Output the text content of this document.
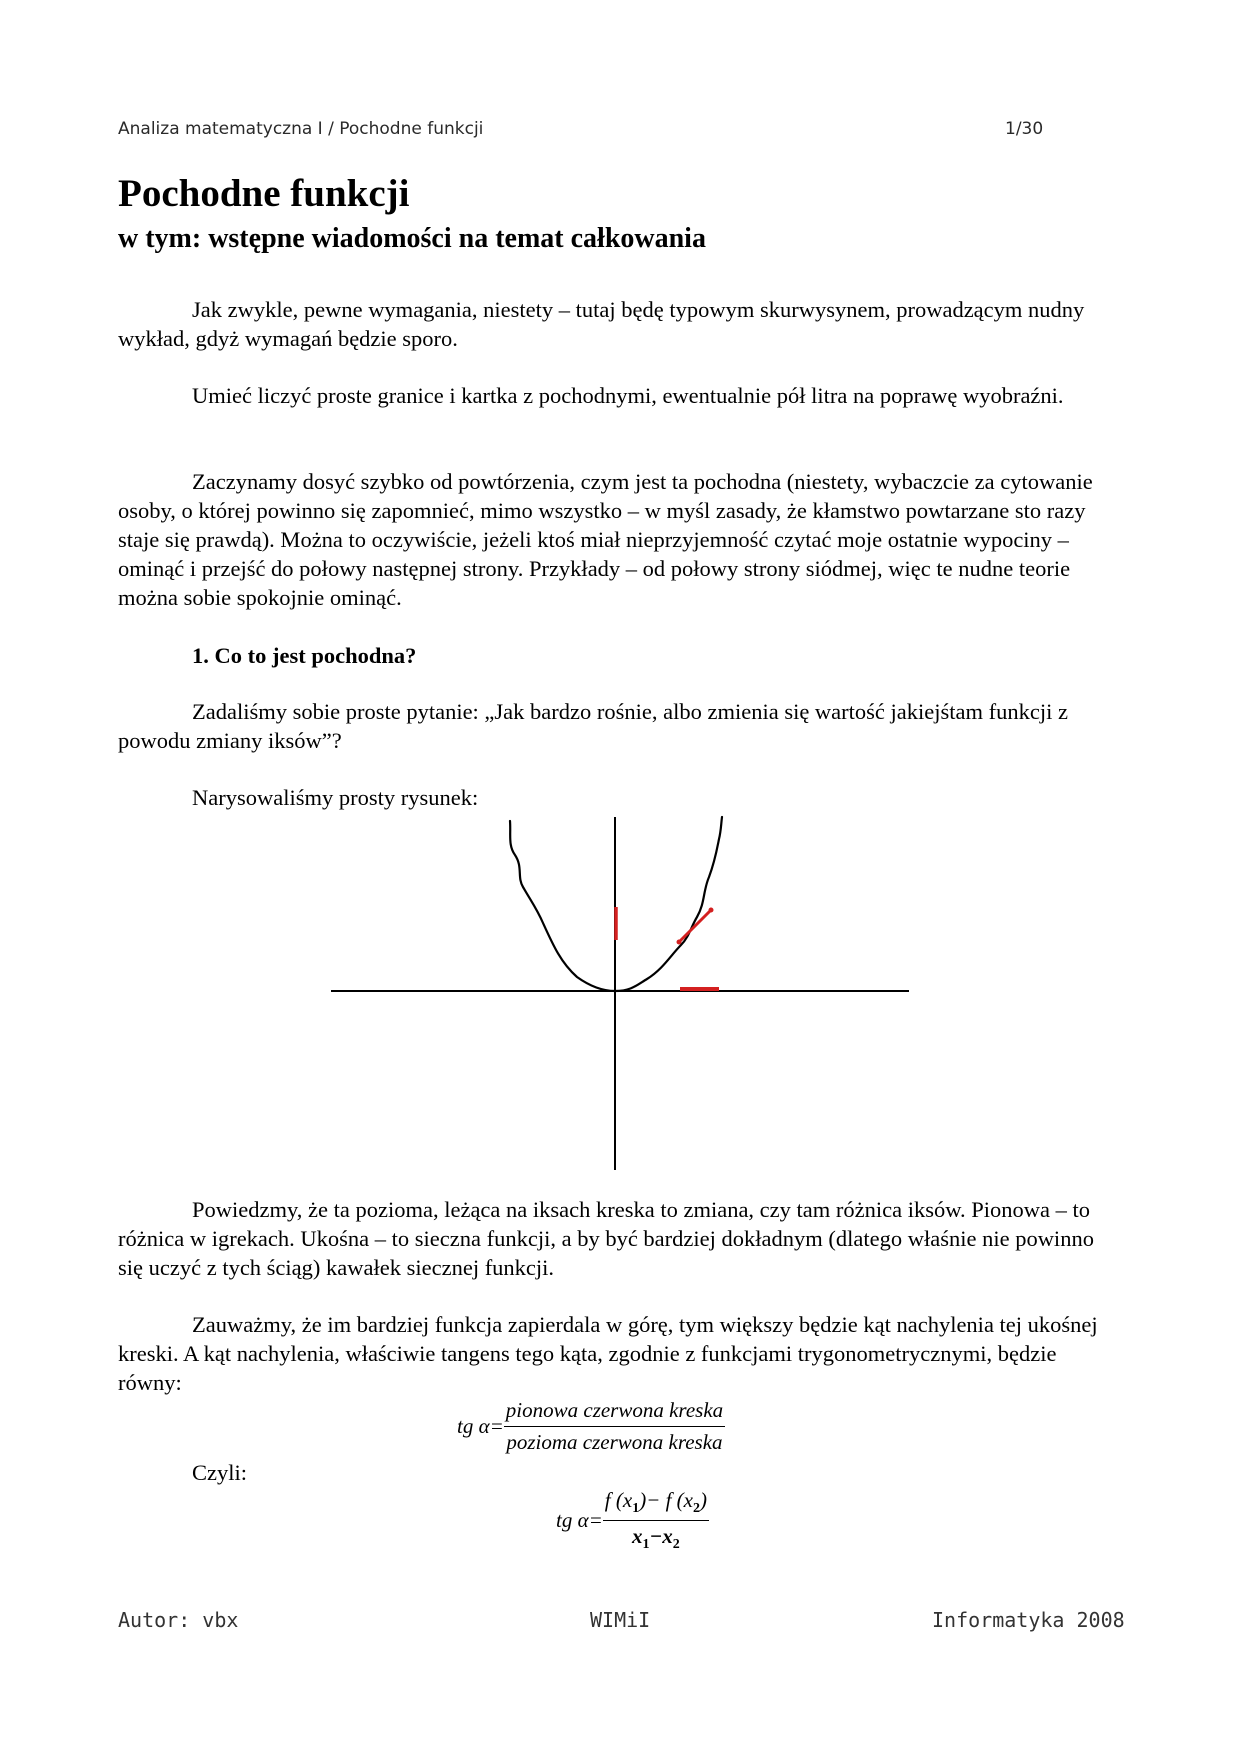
Analiza matematyczna I / Pochodne funkcji	1/30
Pochodne funkcji
w tym: wstępne wiadomości na temat całkowania

Jak zwykle, pewne wymagania, niestety – tutaj będę typowym skurwysynem, prowadzącym nudny wykład, gdyż wymagań będzie sporo.

Umieć liczyć proste granice i kartka z pochodnymi, ewentualnie pół litra na poprawę wyobraźni.

Zaczynamy dosyć szybko od powtórzenia, czym jest ta pochodna (niestety, wybaczcie za cytowanie osoby, o której powinno się zapomnieć, mimo wszystko – w myśl zasady, że kłamstwo powtarzane sto razy staje się prawdą). Można to oczywiście, jeżeli ktoś miał nieprzyjemność czytać moje ostatnie wypociny – ominąć i przejść do połowy następnej strony. Przykłady – od połowy strony siódmej, więc te nudne teorie można sobie spokojnie ominąć.

1. Co to jest pochodna?

Zadaliśmy sobie proste pytanie: „Jak bardzo rośnie, albo zmienia się wartość jakiejśtam funkcji z powodu zmiany iksów”?

Narysowaliśmy prosty rysunek:

Powiedzmy, że ta pozioma, leżąca na iksach kreska to zmiana, czy tam różnica iksów. Pionowa – to różnica w igrekach. Ukośna – to sieczna funkcji, a by być bardziej dokładnym (dlatego właśnie nie powinno się uczyć z tych ściąg) kawałek siecznej funkcji.

Zauważmy, że im bardziej funkcja zapierdala w górę, tym większy będzie kąt nachylenia tej ukośnej kreski. A kąt nachylenia, właściwie tangens tego kąta, zgodnie z funkcjami trygonometrycznymi, będzie równy:

tg $\alpha= \frac{\text{pionowa czerwona kreska}}{\text{pozioma czerwona kreska}}$

Czyli:

tg $\alpha= \frac{f (x_1)- f (x_2)}{x_1-x_2}$
Autor: vbx	WIMiI	Informatyka 2008
